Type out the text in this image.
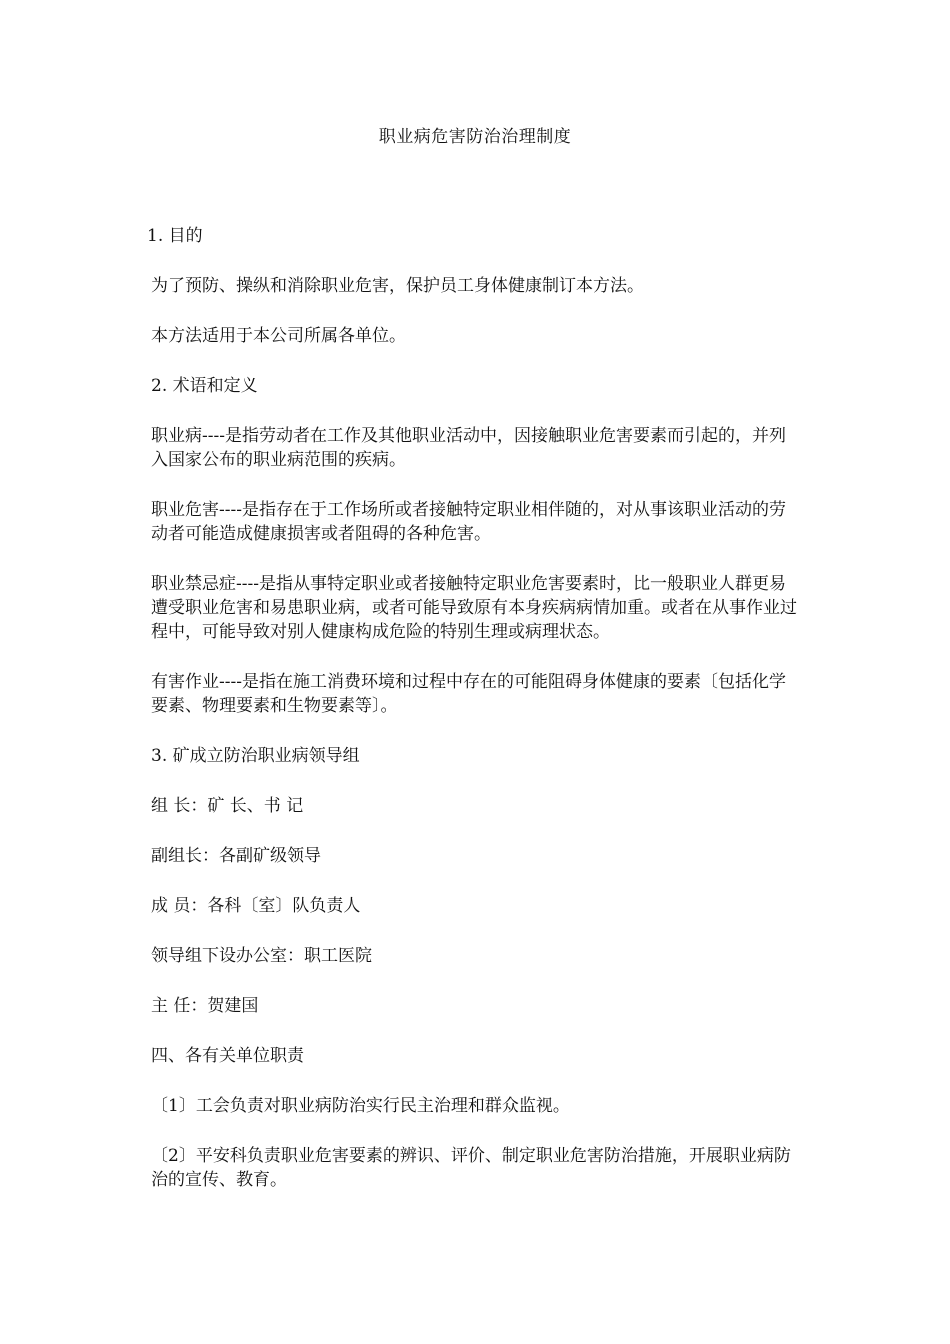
职业病危害防治治理制度

1. 目的

为了预防、操纵和消除职业危害，保护员工身体健康制订本方法。

本方法适用于本公司所属各单位。

2. 术语和定义

职业病----是指劳动者在工作及其他职业活动中，因接触职业危害要素而引起的，并列入国家公布的职业病范围的疾病。

职业危害----是指存在于工作场所或者接触特定职业相伴随的，对从事该职业活动的劳动者可能造成健康损害或者阻碍的各种危害。

职业禁忌症----是指从事特定职业或者接触特定职业危害要素时，比一般职业人群更易遭受职业危害和易患职业病，或者可能导致原有本身疾病病情加重。或者在从事作业过程中，可能导致对别人健康构成危险的特别生理或病理状态。

有害作业----是指在施工消费环境和过程中存在的可能阻碍身体健康的要素〔包括化学要素、物理要素和生物要素等〕。

3. 矿成立防治职业病领导组

组 长：矿 长、书 记

副组长：各副矿级领导

成 员：各科〔室〕队负责人

领导组下设办公室：职工医院

主 任：贺建国

四、各有关单位职责

〔1〕工会负责对职业病防治实行民主治理和群众监视。

〔2〕平安科负责职业危害要素的辨识、评价、制定职业危害防治措施，开展职业病防治的宣传、教育。
